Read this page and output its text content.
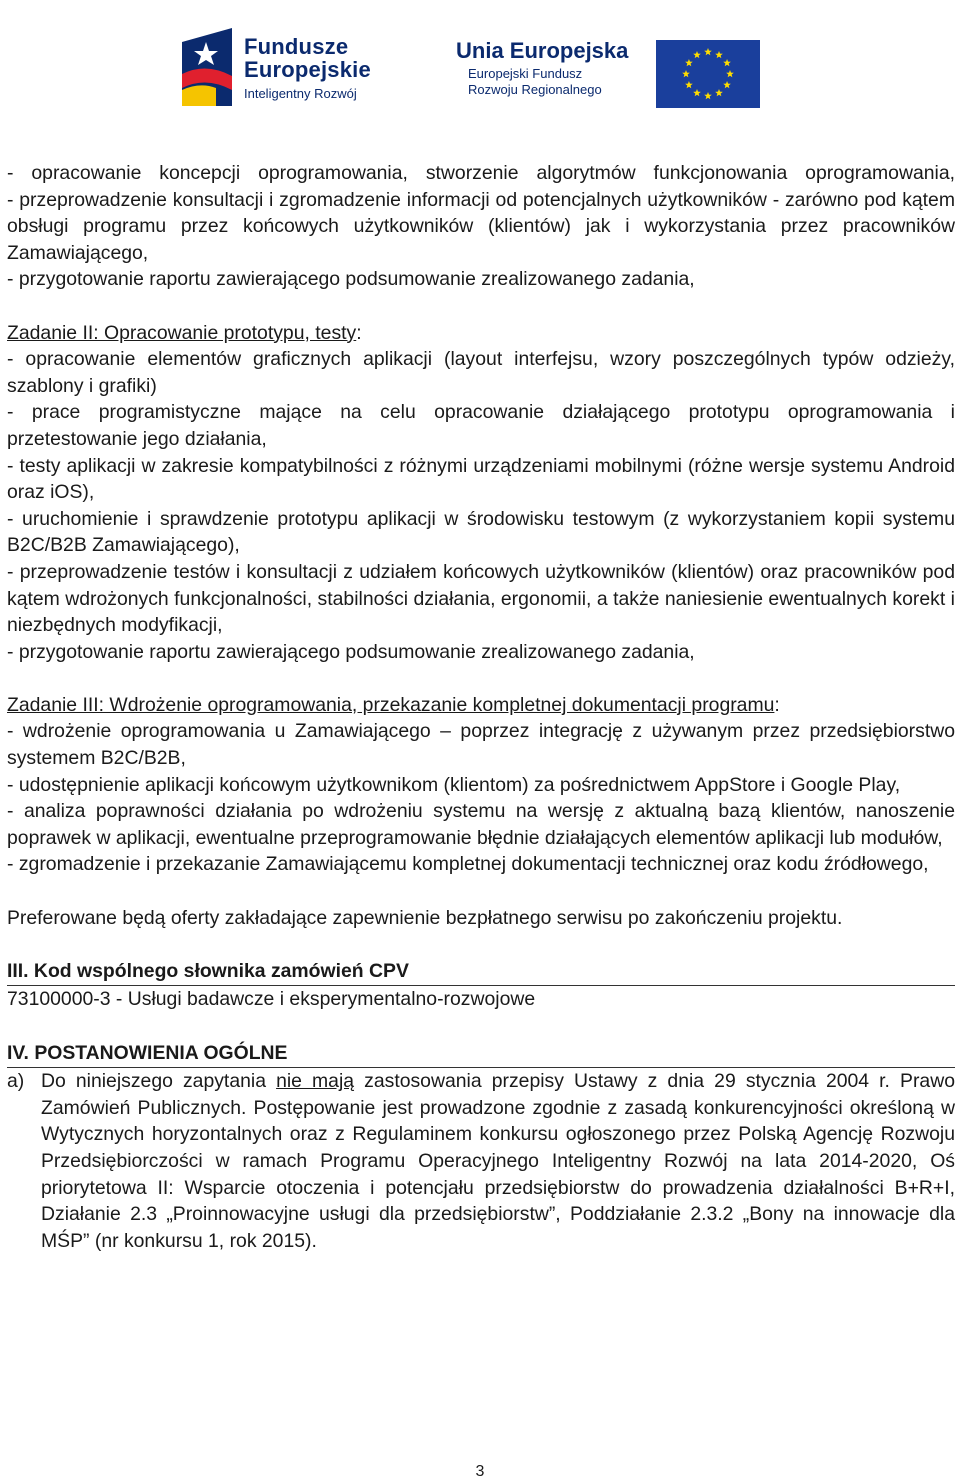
Fundusze
Europejskie
Inteligentny Rozwój
Unia Europejska
Europejski Fundusz
Rozwoju Regionalnego

- opracowanie koncepcji oprogramowania, stworzenie algorytmów funkcjonowania oprogramowania,

- przeprowadzenie konsultacji i zgromadzenie informacji od potencjalnych użytkowników - zarówno pod kątem obsługi programu przez końcowych użytkowników (klientów) jak i wykorzystania przez pracowników Zamawiającego,

- przygotowanie raportu zawierającego podsumowanie zrealizowanego zadania,

Zadanie II: Opracowanie prototypu, testy:

- opracowanie elementów graficznych aplikacji (layout interfejsu, wzory poszczególnych typów odzieży, szablony i grafiki)

- prace programistyczne mające na celu opracowanie działającego prototypu oprogramowania i przetestowanie jego działania,

- testy aplikacji w zakresie kompatybilności z różnymi urządzeniami mobilnymi (różne wersje systemu Android oraz iOS),

- uruchomienie i sprawdzenie prototypu aplikacji w środowisku testowym (z wykorzystaniem kopii systemu B2C/B2B Zamawiającego),

- przeprowadzenie testów i konsultacji z udziałem końcowych użytkowników (klientów) oraz pracowników pod kątem wdrożonych funkcjonalności, stabilności działania, ergonomii, a także naniesienie ewentualnych korekt i niezbędnych modyfikacji,

- przygotowanie raportu zawierającego podsumowanie zrealizowanego zadania,

Zadanie III: Wdrożenie oprogramowania, przekazanie kompletnej dokumentacji programu:

- wdrożenie oprogramowania u Zamawiającego – poprzez integrację z używanym przez przedsiębiorstwo systemem B2C/B2B,

- udostępnienie aplikacji końcowym użytkownikom (klientom) za pośrednictwem AppStore i Google Play,

- analiza poprawności działania po wdrożeniu systemu na wersję z aktualną bazą klientów, nanoszenie poprawek w aplikacji, ewentualne przeprogramowanie błędnie działających elementów aplikacji lub modułów,

- zgromadzenie i przekazanie Zamawiającemu kompletnej dokumentacji technicznej oraz kodu źródłowego,

Preferowane będą oferty zakładające zapewnienie bezpłatnego serwisu po zakończeniu projektu.

III. Kod wspólnego słownika zamówień CPV

73100000-3 - Usługi badawcze i eksperymentalno-rozwojowe

IV. POSTANOWIENIA OGÓLNE

a) Do niniejszego zapytania nie mają zastosowania przepisy Ustawy z dnia 29 stycznia 2004 r. Prawo Zamówień Publicznych. Postępowanie jest prowadzone zgodnie z zasadą konkurencyjności określoną w Wytycznych horyzontalnych oraz z Regulaminem konkursu ogłoszonego przez Polską Agencję Rozwoju Przedsiębiorczości w ramach Programu Operacyjnego Inteligentny Rozwój na lata 2014-2020, Oś priorytetowa II: Wsparcie otoczenia i potencjału przedsiębiorstw do prowadzenia działalności B+R+I, Działanie 2.3 „Proinnowacyjne usługi dla przedsiębiorstw”, Poddziałanie 2.3.2 „Bony na innowacje dla MŚP” (nr konkursu 1, rok 2015).
3
